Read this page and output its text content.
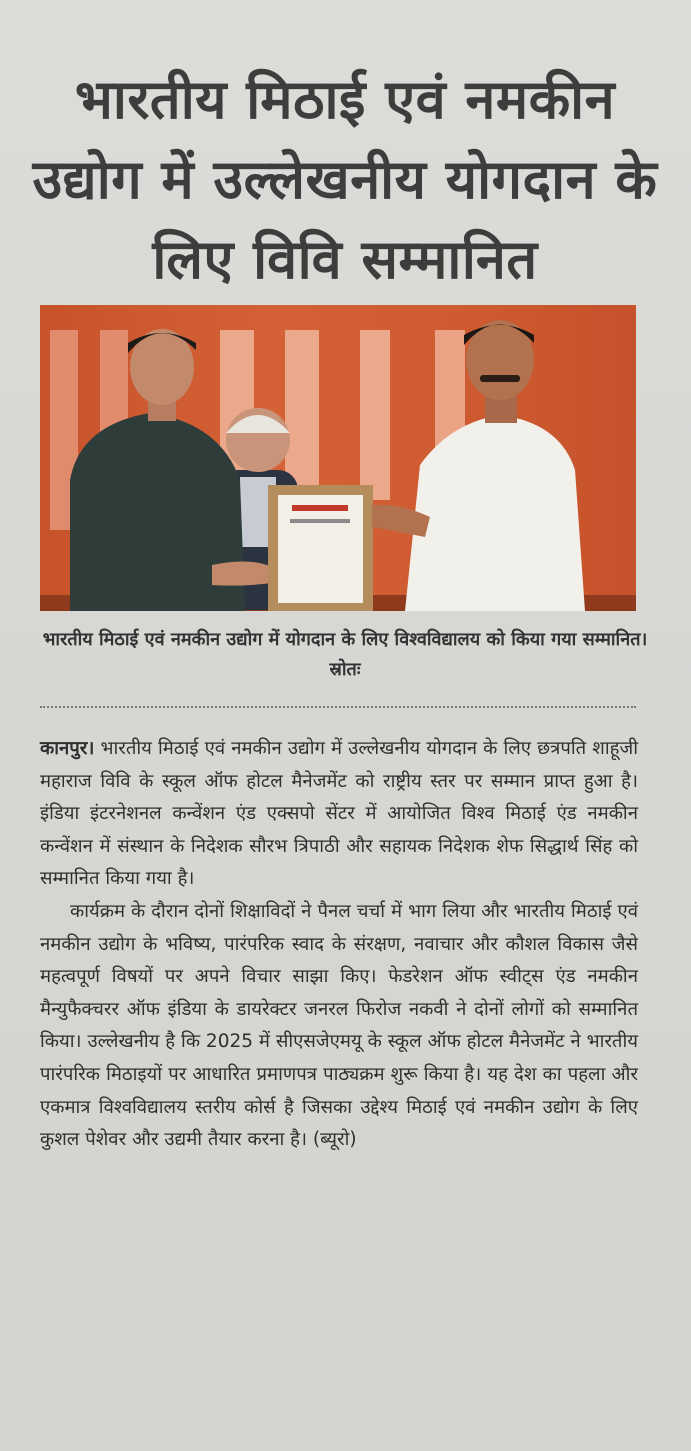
भारतीय मिठाई एवं नमकीन उद्योग में उल्लेखनीय योगदान के लिए विवि सम्मानित
भारतीय मिठाई एवं नमकीन उद्योग में योगदान के लिए विश्वविद्यालय को किया गया सम्मानित। स्रोतः

कानपुर। भारतीय मिठाई एवं नमकीन उद्योग में उल्लेखनीय योगदान के लिए छत्रपति शाहूजी महाराज विवि के स्कूल ऑफ होटल मैनेजमेंट को राष्ट्रीय स्तर पर सम्मान प्राप्त हुआ है। इंडिया इंटरनेशनल कन्वेंशन एंड एक्सपो सेंटर में आयोजित विश्व मिठाई एंड नमकीन कन्वेंशन में संस्थान के निदेशक सौरभ त्रिपाठी और सहायक निदेशक शेफ सिद्धार्थ सिंह को सम्मानित किया गया है।

कार्यक्रम के दौरान दोनों शिक्षाविदों ने पैनल चर्चा में भाग लिया और भारतीय मिठाई एवं नमकीन उद्योग के भविष्य, पारंपरिक स्वाद के संरक्षण, नवाचार और कौशल विकास जैसे महत्वपूर्ण विषयों पर अपने विचार साझा किए। फेडरेशन ऑफ स्वीट्स एंड नमकीन मैन्युफैक्चरर ऑफ इंडिया के डायरेक्टर जनरल फिरोज नकवी ने दोनों लोगों को सम्मानित किया। उल्लेखनीय है कि 2025 में सीएसजेएमयू के स्कूल ऑफ होटल मैनेजमेंट ने भारतीय पारंपरिक मिठाइयों पर आधारित प्रमाणपत्र पाठ्यक्रम शुरू किया है। यह देश का पहला और एकमात्र विश्वविद्यालय स्तरीय कोर्स है जिसका उद्देश्य मिठाई एवं नमकीन उद्योग के लिए कुशल पेशेवर और उद्यमी तैयार करना है। (ब्यूरो)
